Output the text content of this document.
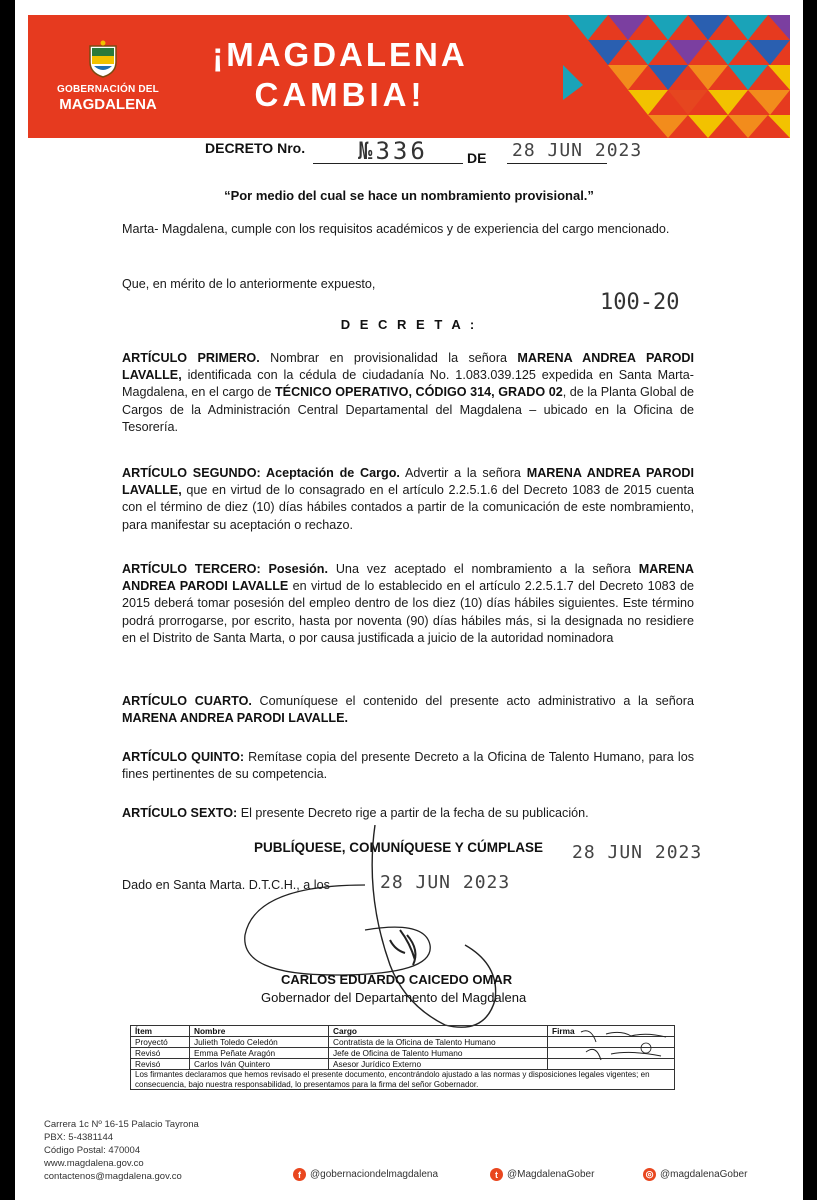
GOBERNACIÓN DEL
MAGDALENA
¡MAGDALENA
CAMBIA!
DECRETO Nro. №336	DE 28 JUN 2023
“Por medio del cual se hace un nombramiento provisional.”
Marta- Magdalena, cumple con los requisitos académicos y de experiencia del cargo mencionado.
Que, en mérito de lo anteriormente expuesto,
100-20
D E C R E T A :
ARTÍCULO PRIMERO. Nombrar en provisionalidad la señora MARENA ANDREA PARODI LAVALLE, identificada con la cédula de ciudadanía No. 1.083.039.125 expedida en Santa Marta- Magdalena, en el cargo de TÉCNICO OPERATIVO, CÓDIGO 314, GRADO 02, de la Planta Global de Cargos de la Administración Central Departamental del Magdalena – ubicado en la Oficina de Tesorería.
ARTÍCULO SEGUNDO: Aceptación de Cargo. Advertir a la señora MARENA ANDREA PARODI LAVALLE, que en virtud de lo consagrado en el artículo 2.2.5.1.6 del Decreto 1083 de 2015 cuenta con el término de diez (10) días hábiles contados a partir de la comunicación de este nombramiento, para manifestar su aceptación o rechazo.
ARTÍCULO TERCERO: Posesión. Una vez aceptado el nombramiento a la señora MARENA ANDREA PARODI LAVALLE en virtud de lo establecido en el artículo 2.2.5.1.7 del Decreto 1083 de 2015 deberá tomar posesión del empleo dentro de los diez (10) días hábiles siguientes. Este término podrá prorrogarse, por escrito, hasta por noventa (90) días hábiles más, si la designada no residiere en el Distrito de Santa Marta, o por causa justificada a juicio de la autoridad nominadora
ARTÍCULO CUARTO. Comuníquese el contenido del presente acto administrativo a la señora MARENA ANDREA PARODI LAVALLE.
ARTÍCULO QUINTO: Remítase copia del presente Decreto a la Oficina de Talento Humano, para los fines pertinentes de su competencia.
ARTÍCULO SEXTO: El presente Decreto rige a partir de la fecha de su publicación.
PUBLÍQUESE, COMUNÍQUESE Y CÚMPLASE 28 JUN 2023
Dado en Santa Marta. D.T.C.H., a los	28 JUN 2023
CARLOS EDUARDO CAICEDO OMAR
Gobernador del Departamento del Magdalena
Ítem	Nombre	Cargo	Firma
Proyectó	Julieth Toledo Celedón	Contratista de la Oficina de Talento Humano	
Revisó	Emma Peñate Aragón	Jefe de Oficina de Talento Humano	
Revisó	Carlos Iván Quintero	Asesor Jurídico Externo	
Los firmantes declaramos que hemos revisado el presente documento, encontrándolo ajustado a las normas y disposiciones legales vigentes; en consecuencia, bajo nuestra responsabilidad, lo presentamos para la firma del señor Gobernador.			
Carrera 1c Nº 16-15 Palacio Tayrona
PBX: 5-4381144
Código Postal: 470004
www.magdalena.gov.co
contactenos@magdalena.gov.co	f @gobernaciondelmagdalena	t @MagdalenaGober	◎ @magdalenaGober
